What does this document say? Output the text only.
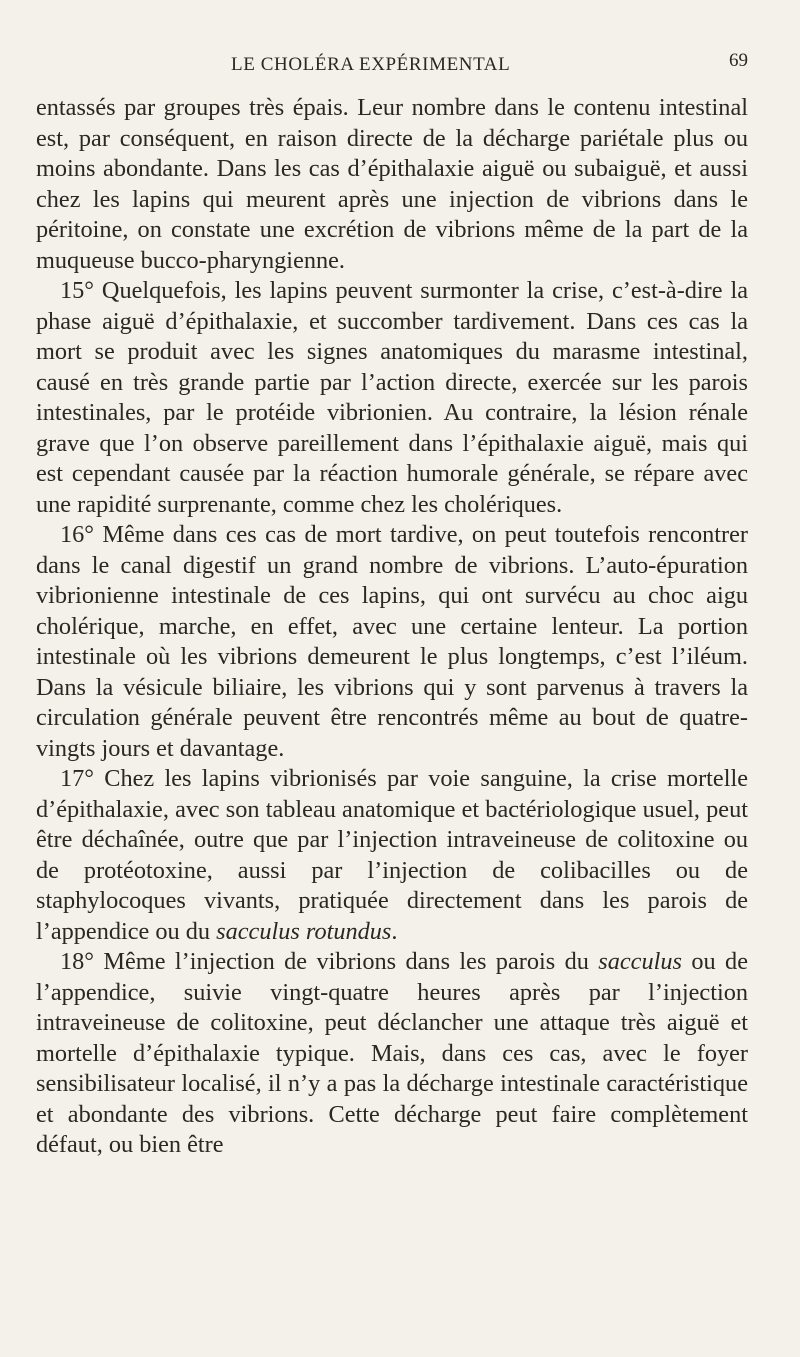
LE CHOLÉRA EXPÉRIMENTAL	69

entassés par groupes très épais. Leur nombre dans le contenu intestinal est, par conséquent, en raison directe de la décharge pariétale plus ou moins abondante. Dans les cas d’épithalaxie aiguë ou subaiguë, et aussi chez les lapins qui meurent après une injection de vibrions dans le péritoine, on constate une excrétion de vibrions même de la part de la muqueuse bucco-pharyngienne.

15° Quelquefois, les lapins peuvent surmonter la crise, c’est-à-dire la phase aiguë d’épithalaxie, et succomber tardivement. Dans ces cas la mort se produit avec les signes anatomiques du marasme intestinal, causé en très grande partie par l’action directe, exercée sur les parois intestinales, par le protéide vibrionien. Au contraire, la lésion rénale grave que l’on observe pareillement dans l’épithalaxie aiguë, mais qui est cependant causée par la réaction humorale générale, se répare avec une rapidité surprenante, comme chez les cholériques.

16° Même dans ces cas de mort tardive, on peut toutefois rencontrer dans le canal digestif un grand nombre de vibrions. L’auto-épuration vibrionienne intestinale de ces lapins, qui ont survécu au choc aigu cholérique, marche, en effet, avec une certaine lenteur. La portion intestinale où les vibrions demeurent le plus longtemps, c’est l’iléum. Dans la vésicule biliaire, les vibrions qui y sont parvenus à travers la circulation générale peuvent être rencontrés même au bout de quatre-vingts jours et davantage.

17° Chez les lapins vibrionisés par voie sanguine, la crise mortelle d’épithalaxie, avec son tableau anatomique et bactériologique usuel, peut être déchaînée, outre que par l’injection intraveineuse de colitoxine ou de protéotoxine, aussi par l’injection de colibacilles ou de staphylocoques vivants, pratiquée directement dans les parois de l’appendice ou du sacculus rotundus.

18° Même l’injection de vibrions dans les parois du sacculus ou de l’appendice, suivie vingt-quatre heures après par l’injection intraveineuse de colitoxine, peut déclancher une attaque très aiguë et mortelle d’épithalaxie typique. Mais, dans ces cas, avec le foyer sensibilisateur localisé, il n’y a pas la décharge intestinale caractéristique et abondante des vibrions. Cette décharge peut faire complètement défaut, ou bien être
